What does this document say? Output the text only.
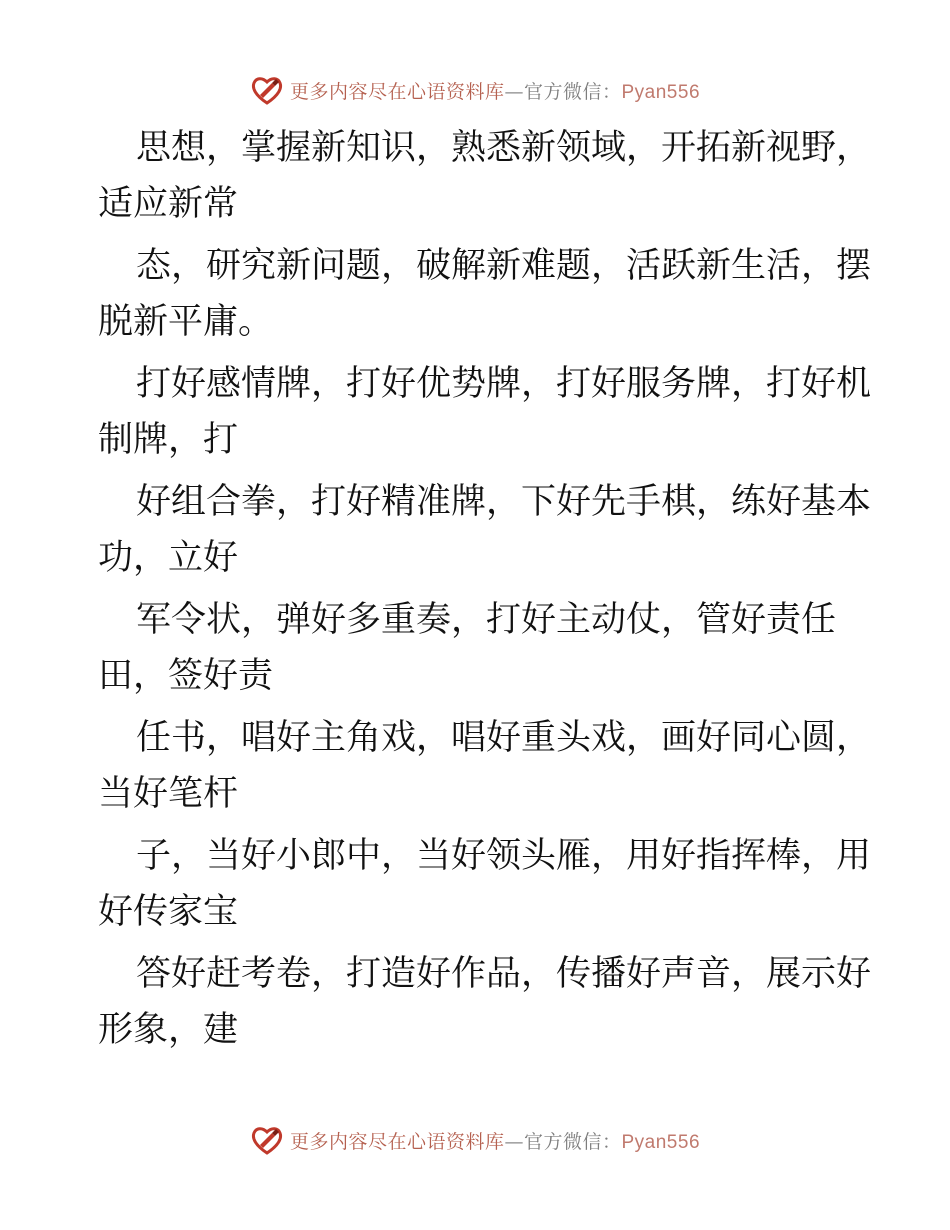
更多内容尽在心语资料库—官方微信：Pyan556

思想，掌握新知识，熟悉新领域，开拓新视野，
适应新常

态，研究新问题，破解新难题，活跃新生活，摆
脱新平庸。

打好感情牌，打好优势牌，打好服务牌，打好机
制牌，打

好组合拳，打好精准牌，下好先手棋，练好基本
功，立好

军令状，弹好多重奏，打好主动仗，管好责任
田，签好责

任书，唱好主角戏，唱好重头戏，画好同心圆，
当好笔杆

子，当好小郎中，当好领头雁，用好指挥棒，用
好传家宝

答好赶考卷，打造好作品，传播好声音，展示好
形象，建

更多内容尽在心语资料库—官方微信：Pyan556
